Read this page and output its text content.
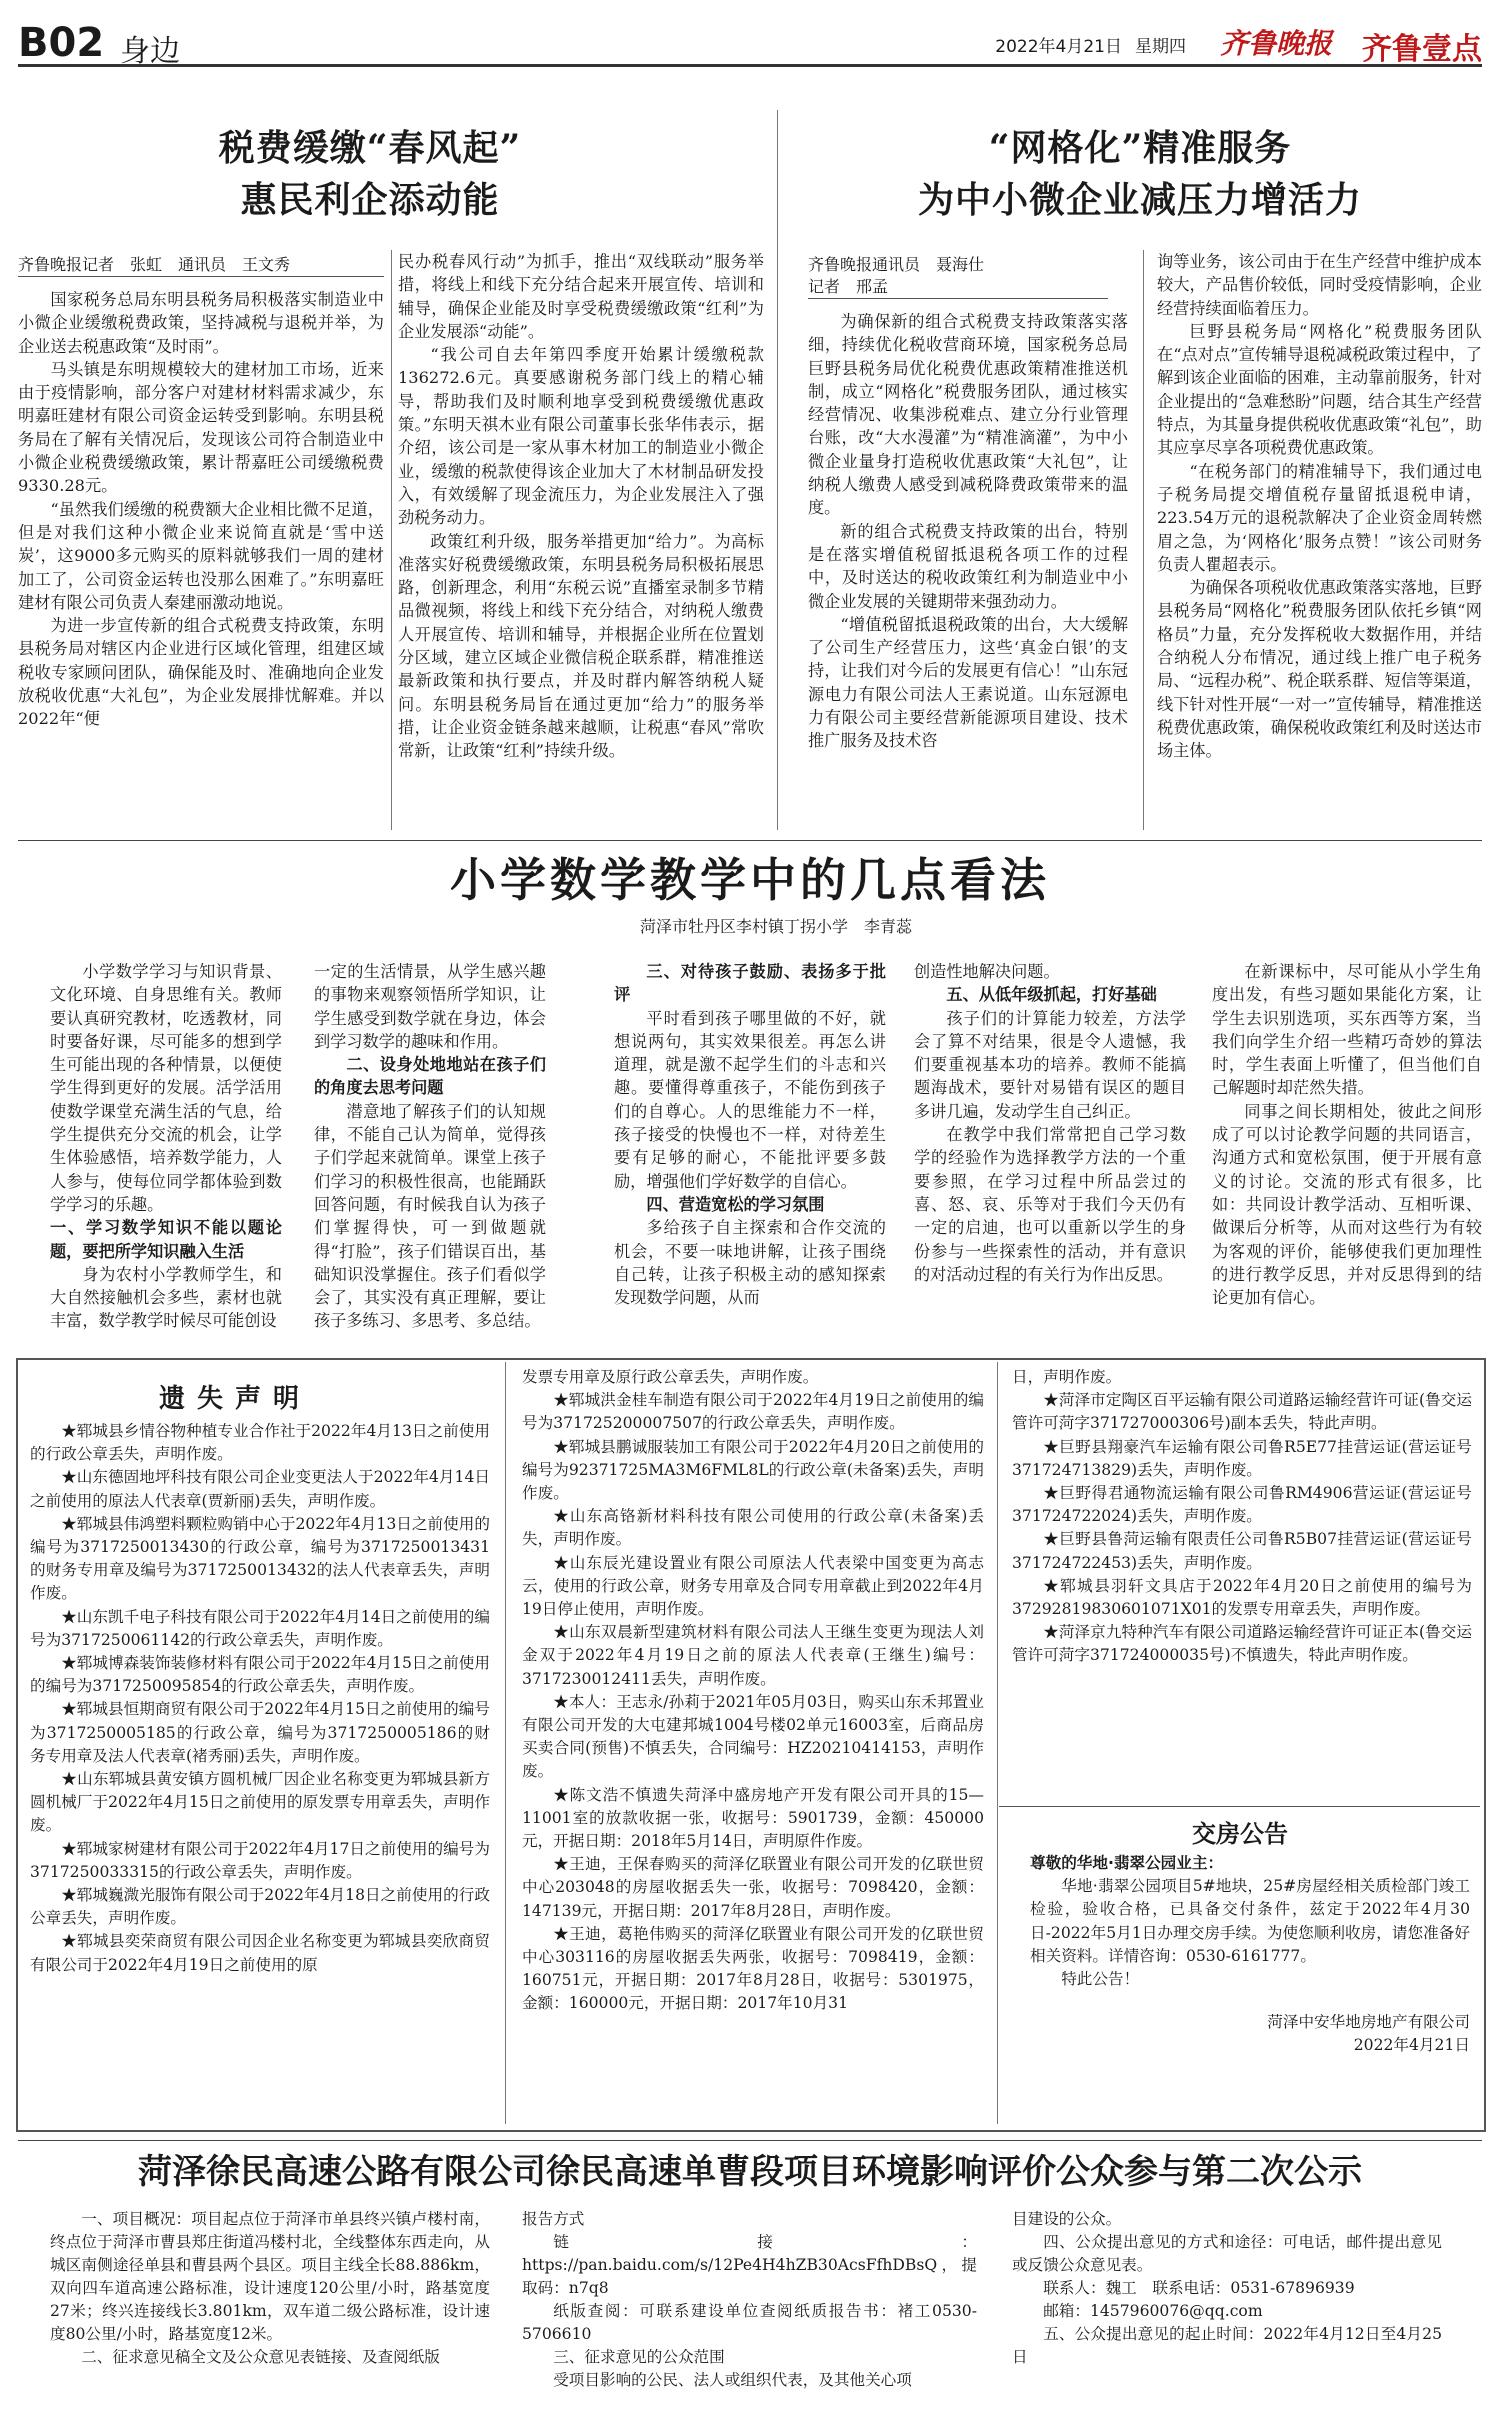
B02 身边	2022年4月21日 星期四 齐鲁晚报 齐鲁壹点
税费缓缴“春风起”
惠民利企添动能
齐鲁晚报记者　张虹　通讯员　王文秀

国家税务总局东明县税务局积极落实制造业中小微企业缓缴税费政策，坚持减税与退税并举，为企业送去税惠政策“及时雨”。

马头镇是东明规模较大的建材加工市场，近来由于疫情影响，部分客户对建材材料需求减少，东明嘉旺建材有限公司资金运转受到影响。东明县税务局在了解有关情况后，发现该公司符合制造业中小微企业税费缓缴政策，累计帮嘉旺公司缓缴税费9330.28元。

“虽然我们缓缴的税费额大企业相比微不足道，但是对我们这种小微企业来说简直就是‘雪中送炭’，这9000多元购买的原料就够我们一周的建材加工了，公司资金运转也没那么困难了。”东明嘉旺建材有限公司负责人秦建丽激动地说。

为进一步宣传新的组合式税费支持政策，东明县税务局对辖区内企业进行区域化管理，组建区域税收专家顾问团队，确保能及时、准确地向企业发放税收优惠“大礼包”，为企业发展排忧解难。并以2022年“便

民办税春风行动”为抓手，推出“双线联动”服务举措，将线上和线下充分结合起来开展宣传、培训和辅导，确保企业能及时享受税费缓缴政策“红利”为企业发展添“动能”。

“我公司自去年第四季度开始累计缓缴税款136272.6元。真要感谢税务部门线上的精心辅导，帮助我们及时顺利地享受到税费缓缴优惠政策。”东明天祺木业有限公司董事长张华伟表示，据介绍，该公司是一家从事木材加工的制造业小微企业，缓缴的税款使得该企业加大了木材制品研发投入，有效缓解了现金流压力，为企业发展注入了强劲税务动力。

政策红利升级，服务举措更加“给力”。为高标准落实好税费缓缴政策，东明县税务局积极拓展思路，创新理念，利用“东税云说”直播室录制多节精品微视频，将线上和线下充分结合，对纳税人缴费人开展宣传、培训和辅导，并根据企业所在位置划分区域，建立区域企业微信税企联系群，精准推送最新政策和执行要点，并及时群内解答纳税人疑问。东明县税务局旨在通过更加“给力”的服务举措，让企业资金链条越来越顺，让税惠“春风”常吹常新，让政策“红利”持续升级。

“网格化”精准服务
为中小微企业减压力增活力
齐鲁晚报通讯员　聂海仕
记者　邢孟

为确保新的组合式税费支持政策落实落细，持续优化税收营商环境，国家税务总局巨野县税务局优化税费优惠政策精准推送机制，成立“网格化”税费服务团队，通过核实经营情况、收集涉税难点、建立分行业管理台账，改“大水漫灌”为“精准滴灌”，为中小微企业量身打造税收优惠政策“大礼包”，让纳税人缴费人感受到减税降费政策带来的温度。

新的组合式税费支持政策的出台，特别是在落实增值税留抵退税各项工作的过程中，及时送达的税收政策红利为制造业中小微企业发展的关键期带来强劲动力。

“增值税留抵退税政策的出台，大大缓解了公司生产经营压力，这些‘真金白银’的支持，让我们对今后的发展更有信心！”山东冠源电力有限公司法人王素说道。山东冠源电力有限公司主要经营新能源项目建设、技术推广服务及技术咨

询等业务，该公司由于在生产经营中维护成本较大，产品售价较低，同时受疫情影响，企业经营持续面临着压力。

巨野县税务局“网格化”税费服务团队在“点对点”宣传辅导退税减税政策过程中，了解到该企业面临的困难，主动靠前服务，针对企业提出的“急难愁盼”问题，结合其生产经营特点，为其量身提供税收优惠政策“礼包”，助其应享尽享各项税费优惠政策。

“在税务部门的精准辅导下，我们通过电子税务局提交增值税存量留抵退税申请，223.54万元的退税款解决了企业资金周转燃眉之急，为‘网格化’服务点赞！”该公司财务负责人瞿超表示。

为确保各项税收优惠政策落实落地，巨野县税务局“网格化”税费服务团队依托乡镇“网格员”力量，充分发挥税收大数据作用，并结合纳税人分布情况，通过线上推广电子税务局、“远程办税”、税企联系群、短信等渠道，线下针对性开展“一对一”宣传辅导，精准推送税费优惠政策，确保税收政策红利及时送达市场主体。

小学数学教学中的几点看法
菏泽市牡丹区李村镇丁拐小学　李青蕊

小学数学学习与知识背景、文化环境、自身思维有关。教师要认真研究教材，吃透教材，同时要备好课，尽可能多的想到学生可能出现的各种情景，以便使学生得到更好的发展。活学活用使数学课堂充满生活的气息，给学生提供充分交流的机会，让学生体验感悟，培养数学能力，人人参与，使每位同学都体验到数学学习的乐趣。

一、学习数学知识不能以题论题，要把所学知识融入生活

身为农村小学教师学生，和大自然接触机会多些，素材也就丰富，数学教学时候尽可能创设

一定的生活情景，从学生感兴趣的事物来观察领悟所学知识，让学生感受到数学就在身边，体会到学习数学的趣味和作用。

二、设身处地地站在孩子们的角度去思考问题

潜意地了解孩子们的认知规律，不能自己认为简单，觉得孩子们学起来就简单。课堂上孩子们学习的积极性很高，也能踊跃回答问题，有时候我自认为孩子们掌握得快，可一到做题就得“打脸”，孩子们错误百出，基础知识没掌握住。孩子们看似学会了，其实没有真正理解，要让孩子多练习、多思考、多总结。

三、对待孩子鼓励、表扬多于批评

平时看到孩子哪里做的不好，就想说两句，其实效果很差。再怎么讲道理，就是激不起学生们的斗志和兴趣。要懂得尊重孩子，不能伤到孩子们的自尊心。人的思维能力不一样，孩子接受的快慢也不一样，对待差生要有足够的耐心，不能批评要多鼓励，增强他们学好数学的自信心。

四、营造宽松的学习氛围

多给孩子自主探索和合作交流的机会，不要一味地讲解，让孩子围绕自己转，让孩子积极主动的感知探索发现数学问题，从而

创造性地解决问题。

五、从低年级抓起，打好基础

孩子们的计算能力较差，方法学会了算不对结果，很是令人遗憾，我们要重视基本功的培养。教师不能搞题海战术，要针对易错有误区的题目多讲几遍，发动学生自己纠正。

在教学中我们常常把自己学习数学的经验作为选择教学方法的一个重要参照，在学习过程中所品尝过的喜、怒、哀、乐等对于我们今天仍有一定的启迪，也可以重新以学生的身份参与一些探索性的活动，并有意识的对活动过程的有关行为作出反思。

在新课标中，尽可能从小学生角度出发，有些习题如果能化方案，让学生去识别选项，买东西等方案，当我们向学生介绍一些精巧奇妙的算法时，学生表面上听懂了，但当他们自己解题时却茫然失措。

同事之间长期相处，彼此之间形成了可以讨论教学问题的共同语言，沟通方式和宽松氛围，便于开展有意义的讨论。交流的形式有很多，比如：共同设计教学活动、互相听课、做课后分析等，从而对这些行为有较为客观的评价，能够使我们更加理性的进行教学反思，并对反思得到的结论更加有信心。

遗失声明

★郓城县乡情谷物种植专业合作社于2022年4月13日之前使用的行政公章丢失，声明作废。

★山东德固地坪科技有限公司企业变更法人于2022年4月14日之前使用的原法人代表章(贾新丽)丢失，声明作废。

★郓城县伟鸿塑料颗粒购销中心于2022年4月13日之前使用的编号为3717250013430的行政公章，编号为3717250013431的财务专用章及编号为3717250013432的法人代表章丢失，声明作废。

★山东凯千电子科技有限公司于2022年4月14日之前使用的编号为3717250061142的行政公章丢失，声明作废。

★郓城博森装饰装修材料有限公司于2022年4月15日之前使用的编号为3717250095854的行政公章丢失，声明作废。

★郓城县恒期商贸有限公司于2022年4月15日之前使用的编号为3717250005185的行政公章，编号为3717250005186的财务专用章及法人代表章(褚秀丽)丢失，声明作废。

★山东郓城县黄安镇方圆机械厂因企业名称变更为郓城县新方圆机械厂于2022年4月15日之前使用的原发票专用章丢失，声明作废。

★郓城家树建材有限公司于2022年4月17日之前使用的编号为3717250033315的行政公章丢失，声明作废。

★郓城巍溦光服饰有限公司于2022年4月18日之前使用的行政公章丢失，声明作废。

★郓城县奕荣商贸有限公司因企业名称变更为郓城县奕欣商贸有限公司于2022年4月19日之前使用的原

发票专用章及原行政公章丢失，声明作废。

★郓城洪金桂车制造有限公司于2022年4月19日之前使用的编号为371725200007507的行政公章丢失，声明作废。

★郓城县鹏诚服装加工有限公司于2022年4月20日之前使用的编号为92371725MA3M6FML8L的行政公章(未备案)丢失，声明作废。

★山东高铬新材料科技有限公司使用的行政公章(未备案)丢失，声明作废。

★山东辰光建设置业有限公司原法人代表梁中国变更为高志云，使用的行政公章，财务专用章及合同专用章截止到2022年4月19日停止使用，声明作废。

★山东双晨新型建筑材料有限公司法人王继生变更为现法人刘金双于2022年4月19日之前的原法人代表章(王继生)编号：3717230012411丢失，声明作废。

★本人：王志永/孙莉于2021年05月03日，购买山东禾邦置业有限公司开发的大屯建邦城1004号楼02单元16003室，后商品房买卖合同(预售)不慎丢失，合同编号：HZ20210414153，声明作废。

★陈文浩不慎遗失菏泽中盛房地产开发有限公司开具的15—11001室的放款收据一张，收据号：5901739，金额：450000元，开据日期：2018年5月14日，声明原件作废。

★王迪，王保春购买的菏泽亿联置业有限公司开发的亿联世贸中心203048的房屋收据丢失一张，收据号：7098420，金额：147139元，开据日期：2017年8月28日，声明作废。

★王迪，葛艳伟购买的菏泽亿联置业有限公司开发的亿联世贸中心303116的房屋收据丢失两张，收据号：7098419，金额：160751元，开据日期：2017年8月28日，收据号：5301975，金额：160000元，开据日期：2017年10月31

日，声明作废。

★菏泽市定陶区百平运输有限公司道路运输经营许可证(鲁交运管许可菏字371727000306号)副本丢失，特此声明。

★巨野县翔豪汽车运输有限公司鲁R5E77挂营运证(营运证号371724713829)丢失，声明作废。

★巨野得君通物流运输有限公司鲁RM4906营运证(营运证号371724722024)丢失，声明作废。

★巨野县鲁菏运输有限责任公司鲁R5B07挂营运证(营运证号371724722453)丢失，声明作废。

★郓城县羽轩文具店于2022年4月20日之前使用的编号为37292819830601071X01的发票专用章丢失，声明作废。

★菏泽京九特种汽车有限公司道路运输经营许可证正本(鲁交运管许可菏字371724000035号)不慎遗失，特此声明作废。

交房公告

尊敬的华地·翡翠公园业主：

华地·翡翠公园项目5#地块，25#房屋经相关质检部门竣工检验，验收合格，已具备交付条件，兹定于2022年4月30日-2022年5月1日办理交房手续。为使您顺利收房，请您准备好相关资料。详情咨询：0530-6161777。

特此公告！

菏泽中安华地房地产有限公司

2022年4月21日

菏泽徐民高速公路有限公司徐民高速单曹段项目环境影响评价公众参与第二次公示

一、项目概况：项目起点位于菏泽市单县终兴镇卢楼村南，终点位于菏泽市曹县郑庄街道冯楼村北，全线整体东西走向，从城区南侧途径单县和曹县两个县区。项目主线全长88.886km，双向四车道高速公路标准，设计速度120公里/小时，路基宽度27米；终兴连接线长3.801km，双车道二级公路标准，设计速度80公里/小时，路基宽度12米。

二、征求意见稿全文及公众意见表链接、及查阅纸版

报告方式

链接：https://pan.baidu.com/s/12Pe4H4hZB30AcsFfhDBsQ，提取码：n7q8

纸版查阅：可联系建设单位查阅纸质报告书：褚工0530-5706610

三、征求意见的公众范围

受项目影响的公民、法人或组织代表，及其他关心项

目建设的公众。

四、公众提出意见的方式和途径：可电话，邮件提出意见或反馈公众意见表。

联系人：魏工　联系电话：0531-67896939

邮箱：1457960076@qq.com

五、公众提出意见的起止时间：2022年4月12日至4月25日
